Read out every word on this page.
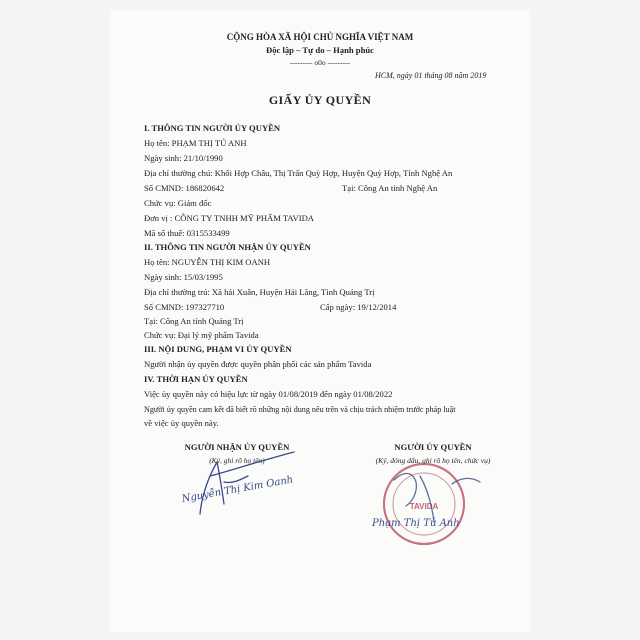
CỘNG HÒA XÃ HỘI CHỦ NGHĨA VIỆT NAM
Độc lập – Tự do – Hạnh phúc
--------- o0o ---------
HCM, ngày 01 tháng 08 năm 2019
GIẤY ỦY QUYỀN
I. THÔNG TIN NGƯỜI ỦY QUYỀN
Họ tên: PHẠM THỊ TÚ ANH
Ngày sinh: 21/10/1990
Địa chỉ thường chú: Khối Hợp Châu, Thị Trấn Quỳ Hợp, Huyện Quỳ Hợp, Tỉnh Nghệ An
Số CMND: 186820642	Tại: Công An tỉnh Nghệ An
Chức vụ: Giám đốc
Đơn vị : CÔNG TY TNHH MỸ PHẨM TAVIDA
Mã số thuế: 0315533499
II. THÔNG TIN NGƯỜI NHẬN ỦY QUYỀN
Họ tên: NGUYỄN THỊ KIM OANH
Ngày sinh: 15/03/1995
Địa chỉ thường trú: Xã hải Xuân, Huyện Hải Lăng, Tỉnh Quảng Trị
Số CMND: 197327710	Cấp ngày: 19/12/2014
Tại: Công An tỉnh Quảng Trị
Chức vụ: Đại lý mỹ phẩm Tavida
III. NỘI DUNG, PHẠM VI ỦY QUYỀN
Người nhận ủy quyền được quyền phân phối các sản phẩm Tavida
IV. THỜI HẠN ỦY QUYỀN
Việc ủy quyền này có hiệu lực từ ngày 01/08/2019 đến ngày 01/08/2022
Người ủy quyền cam kết đã biết rõ những nội dung nêu trên và chịu trách nhiệm trước pháp luật
về việc ủy quyền này.
NGƯỜI NHẬN ỦY QUYỀN
(Ký, ghi rõ họ tên)
NGƯỜI ỦY QUYỀN
(Ký, đóng dấu, ghi rõ họ tên, chức vụ)
Nguyễn Thị Kim Oanh
TAVIDA
Phạm Thị Tú Anh
